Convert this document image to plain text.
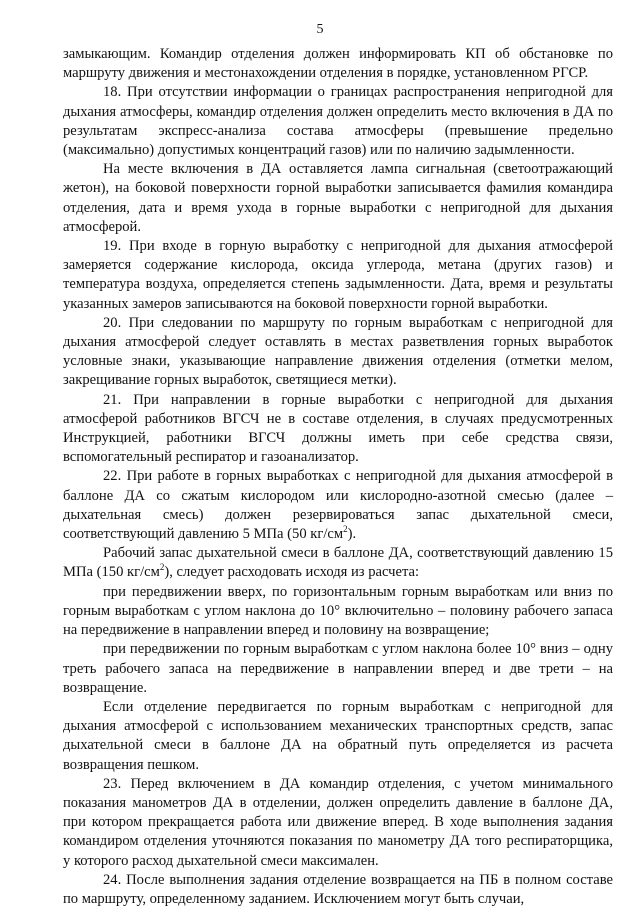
5

замыкающим. Командир отделения должен информировать КП об обстановке по маршруту движения и местонахождении отделения в порядке, установленном РГСР.

18. При отсутствии информации о границах распространения непригодной для дыхания атмосферы, командир отделения должен определить место включения в ДА по результатам экспресс-анализа состава атмосферы (превышение предельно (максимально) допустимых концентраций газов) или по наличию задымленности.

На месте включения в ДА оставляется лампа сигнальная (светоотражающий жетон), на боковой поверхности горной выработки записывается фамилия командира отделения, дата и время ухода в горные выработки с непригодной для дыхания атмосферой.

19. При входе в горную выработку с непригодной для дыхания атмосферой замеряется содержание кислорода, оксида углерода, метана (других газов) и температура воздуха, определяется степень задымленности. Дата, время и результаты указанных замеров записываются на боковой поверхности горной выработки.

20. При следовании по маршруту по горным выработкам с непригодной для дыхания атмосферой следует оставлять в местах разветвления горных выработок условные знаки, указывающие направление движения отделения (отметки мелом, закрещивание горных выработок, светящиеся метки).

21. При направлении в горные выработки с непригодной для дыхания атмосферой работников ВГСЧ не в составе отделения, в случаях предусмотренных Инструкцией, работники ВГСЧ должны иметь при себе средства связи, вспомогательный респиратор и газоанализатор.

22. При работе в горных выработках с непригодной для дыхания атмосферой в баллоне ДА со сжатым кислородом или кислородно-азотной смесью (далее – дыхательная смесь) должен резервироваться запас дыхательной смеси, соответствующий давлению 5 МПа (50 $кг/см^2$).

Рабочий запас дыхательной смеси в баллоне ДА, соответствующий давлению 15 МПа (150 $кг/см^2$), следует расходовать исходя из расчета:

при передвижении вверх, по горизонтальным горным выработкам или вниз по горным выработкам с углом наклона до 10° включительно – половину рабочего запаса на передвижение в направлении вперед и половину на возвращение;

при передвижении по горным выработкам с углом наклона более 10° вниз – одну треть рабочего запаса на передвижение в направлении вперед и две трети – на возвращение.

Если отделение передвигается по горным выработкам с непригодной для дыхания атмосферой с использованием механических транспортных средств, запас дыхательной смеси в баллоне ДА на обратный путь определяется из расчета возвращения пешком.

23. Перед включением в ДА командир отделения, с учетом минимального показания манометров ДА в отделении, должен определить давление в баллоне ДА, при котором прекращается работа или движение вперед. В ходе выполнения задания командиром отделения уточняются показания по манометру ДА того респираторщика, у которого расход дыхательной смеси максимален.

24. После выполнения задания отделение возвращается на ПБ в полном составе по маршруту, определенному заданием. Исключением могут быть случаи,
